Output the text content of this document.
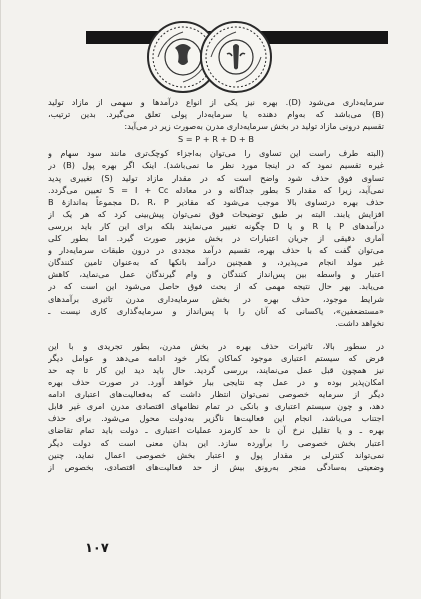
سرمایه‌داری می‌شود (D). بهره نیز یکی از انواع درآمدها و سهمی از مازاد تولید
(B) می‌باشد که به‌وام دهنده یا سرمایه‌دار پولی تعلق می‌گیرد. بدین ترتیب،
تقسیم درونی مازاد تولید در بخش سرمایه‌داری مدرن به‌صورت زیر در می‌آید:

S = P + R + D + B

(البته طرف راست این تساوی را می‌توان به‌اجزاء کوچک‌تری مانند سود سهام و
غیره تقسیم نمود که در اینجا مورد نظر ما نمی‌باشد). اینک اگر بهره پول (B) در
تساوی فوق حذف شود واضح است که در مقدار مازاد تولید (S) تغییری پدید
نمی‌آید، زیرا که مقدار S بطور جداگانه و در معادله S = I + Cc تعیین می‌گردد.
حذف بهره درتساوی بالا موجب می‌شود که مقادیر D، R، P مجموعاً به‌اندازهٔ B
افزایش یابند. البته بر طبق توضیحات فوق نمی‌توان پیش‌بینی کرد که هر یک از
درآمدهای P یا R و یا D چگونه تغییر می‌نمایند بلکه برای این کار باید بررسی
آماری دقیقی از جریان اعتبارات در بخش مزبور صورت گیرد. اما بطور کلی
می‌توان گفت که با حذف بهره، تقسیم درآمد مجددی در درون طبقات سرمایه‌دار و
غیر مولد انجام می‌پذیرد، و همچنین درآمد بانکها که به‌عنوان تامین کنندگان
اعتبار و واسطه بین پس‌انداز کنندگان و وام گیرندگان عمل می‌نماید، کاهش
می‌یابد. بهر حال نتیجه مهمی که از بحث فوق حاصل می‌شود این است که در
شرایط موجود، حذف بهره در بخش سرمایه‌داری مدرن تاثیری برآمد‌های
«مستضعفین»، یاکسانی که آنان را با پس‌انداز و سرمایه‌گذاری کاری نیست ـ
نخواهد داشت.

در سطور بالا، تاثیرات حذف بهره در بخش مدرن، بطور تجریدی و با این
فرض که سیستم اعتباری موجود کماکان بکار خود ادامه می‌دهد و عوامل دیگر
نیز همچون قبل عمل می‌نمایند، بررسی گردید. حال باید دید این کار تا چه حد
امکان‌پذیر بوده و در عمل چه نتایجی ببار خواهد آورد. در صورت حذف بهره
دیگر از سرمایه خصوصی نمی‌توان انتظار داشت که به‌فعالیت‌های اعتباری ادامه
دهد، و چون سیستم اعتباری و بانکی در تمام نظامهای اقتصادی مدرن امری غیر قابل
اجتناب می‌باشد، انجام این فعالیت‌ها ناگزیر به‌دولت محول می‌شود. برای حذف
بهره ـ و یا تقلیل نرخ آن تا حد کارمزد عملیات اعتباری ـ دولت باید تمام تقاضای
اعتبار بخش خصوصی را برآورده سازد. این بدان معنی است که دولت دیگر
نمی‌تواند کنترلی بر مقدار پول و اعتبار بخش خصوصی اعمال نماید، چنین
وضعیتی به‌سادگی منجر به‌رونق بیش از حد فعالیت‌های اقتصادی، بخصوص از

۱۰۷
